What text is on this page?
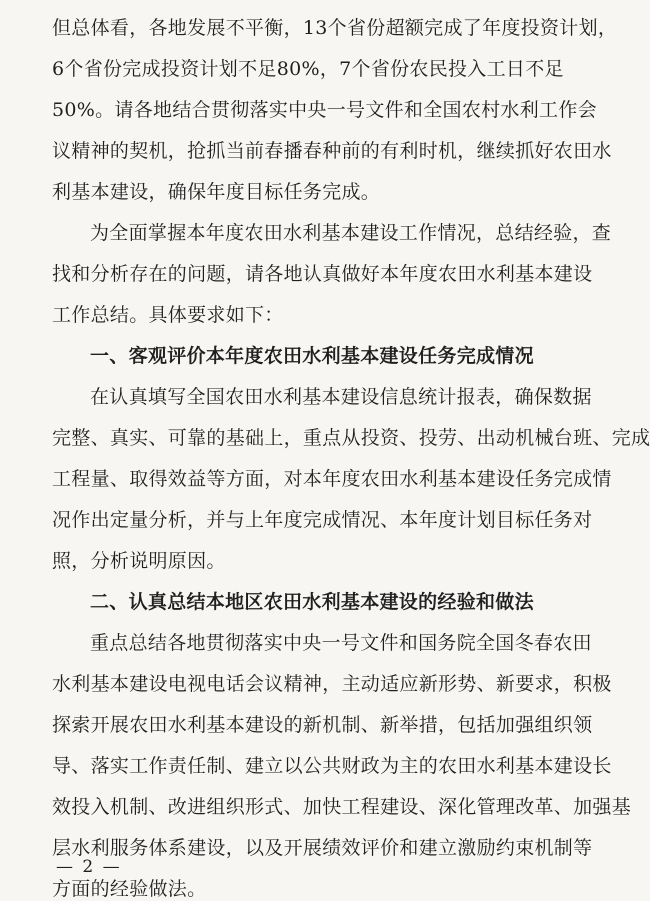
但总体看，各地发展不平衡，13个省份超额完成了年度投资计划，
6个省份完成投资计划不足80%，7个省份农民投入工日不足
50%。请各地结合贯彻落实中央一号文件和全国农村水利工作会
议精神的契机，抢抓当前春播春种前的有利时机，继续抓好农田水
利基本建设，确保年度目标任务完成。
为全面掌握本年度农田水利基本建设工作情况，总结经验，查
找和分析存在的问题，请各地认真做好本年度农田水利基本建设
工作总结。具体要求如下：
一、客观评价本年度农田水利基本建设任务完成情况
在认真填写全国农田水利基本建设信息统计报表，确保数据
完整、真实、可靠的基础上，重点从投资、投劳、出动机械台班、完成
工程量、取得效益等方面，对本年度农田水利基本建设任务完成情
况作出定量分析，并与上年度完成情况、本年度计划目标任务对
照，分析说明原因。
二、认真总结本地区农田水利基本建设的经验和做法
重点总结各地贯彻落实中央一号文件和国务院全国冬春农田
水利基本建设电视电话会议精神，主动适应新形势、新要求，积极
探索开展农田水利基本建设的新机制、新举措，包括加强组织领
导、落实工作责任制、建立以公共财政为主的农田水利基本建设长
效投入机制、改进组织形式、加快工程建设、深化管理改革、加强基
层水利服务体系建设，以及开展绩效评价和建立激励约束机制等
方面的经验做法。
— 2 —
